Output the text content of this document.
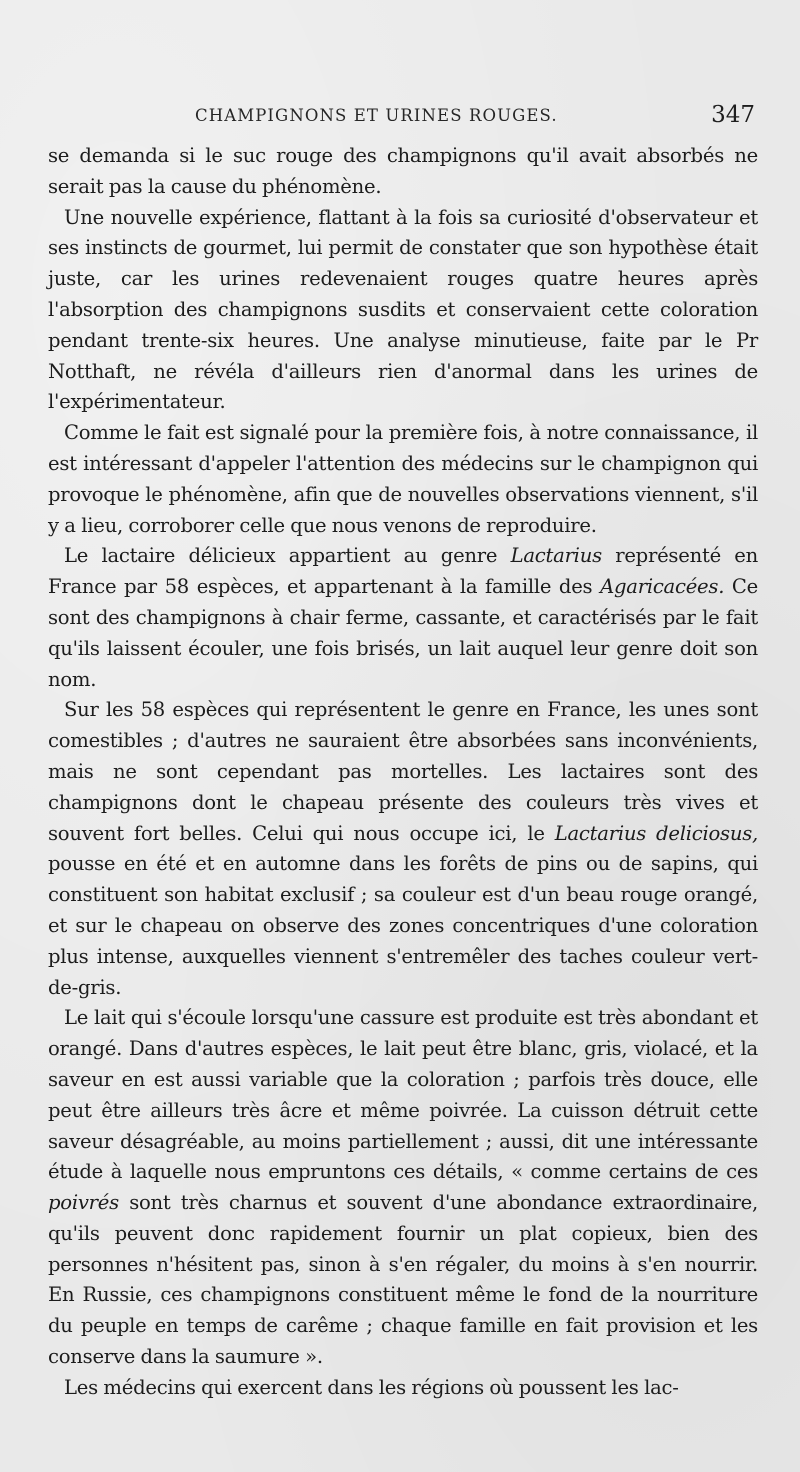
CHAMPIGNONS ET URINES ROUGES.	347

se demanda si le suc rouge des champignons qu'il avait absorbés ne serait pas la cause du phénomène.

Une nouvelle expérience, flattant à la fois sa curiosité d'observateur et ses instincts de gourmet, lui permit de constater que son hypothèse était juste, car les urines redevenaient rouges quatre heures après l'absorption des champignons susdits et conservaient cette coloration pendant trente-six heures. Une analyse minutieuse, faite par le Pr Notthaft, ne révéla d'ailleurs rien d'anormal dans les urines de l'expérimentateur.

Comme le fait est signalé pour la première fois, à notre connaissance, il est intéressant d'appeler l'attention des médecins sur le champignon qui provoque le phénomène, afin que de nouvelles observations viennent, s'il y a lieu, corroborer celle que nous venons de reproduire.

Le lactaire délicieux appartient au genre Lactarius représenté en France par 58 espèces, et appartenant à la famille des Agaricacées. Ce sont des champignons à chair ferme, cassante, et caractérisés par le fait qu'ils laissent écouler, une fois brisés, un lait auquel leur genre doit son nom.

Sur les 58 espèces qui représentent le genre en France, les unes sont comestibles ; d'autres ne sauraient être absorbées sans inconvénients, mais ne sont cependant pas mortelles. Les lactaires sont des champignons dont le chapeau présente des couleurs très vives et souvent fort belles. Celui qui nous occupe ici, le Lactarius deliciosus, pousse en été et en automne dans les forêts de pins ou de sapins, qui constituent son habitat exclusif ; sa couleur est d'un beau rouge orangé, et sur le chapeau on observe des zones concentriques d'une coloration plus intense, auxquelles viennent s'entremêler des taches couleur vert-de-gris.

Le lait qui s'écoule lorsqu'une cassure est produite est très abondant et orangé. Dans d'autres espèces, le lait peut être blanc, gris, violacé, et la saveur en est aussi variable que la coloration ; parfois très douce, elle peut être ailleurs très âcre et même poivrée. La cuisson détruit cette saveur désagréable, au moins partiellement ; aussi, dit une intéressante étude à laquelle nous empruntons ces détails, « comme certains de ces poivrés sont très charnus et souvent d'une abondance extraordinaire, qu'ils peuvent donc rapidement fournir un plat copieux, bien des personnes n'hésitent pas, sinon à s'en régaler, du moins à s'en nourrir. En Russie, ces champignons constituent même le fond de la nourriture du peuple en temps de carême ; chaque famille en fait provision et les conserve dans la saumure ».

Les médecins qui exercent dans les régions où poussent les lac-
